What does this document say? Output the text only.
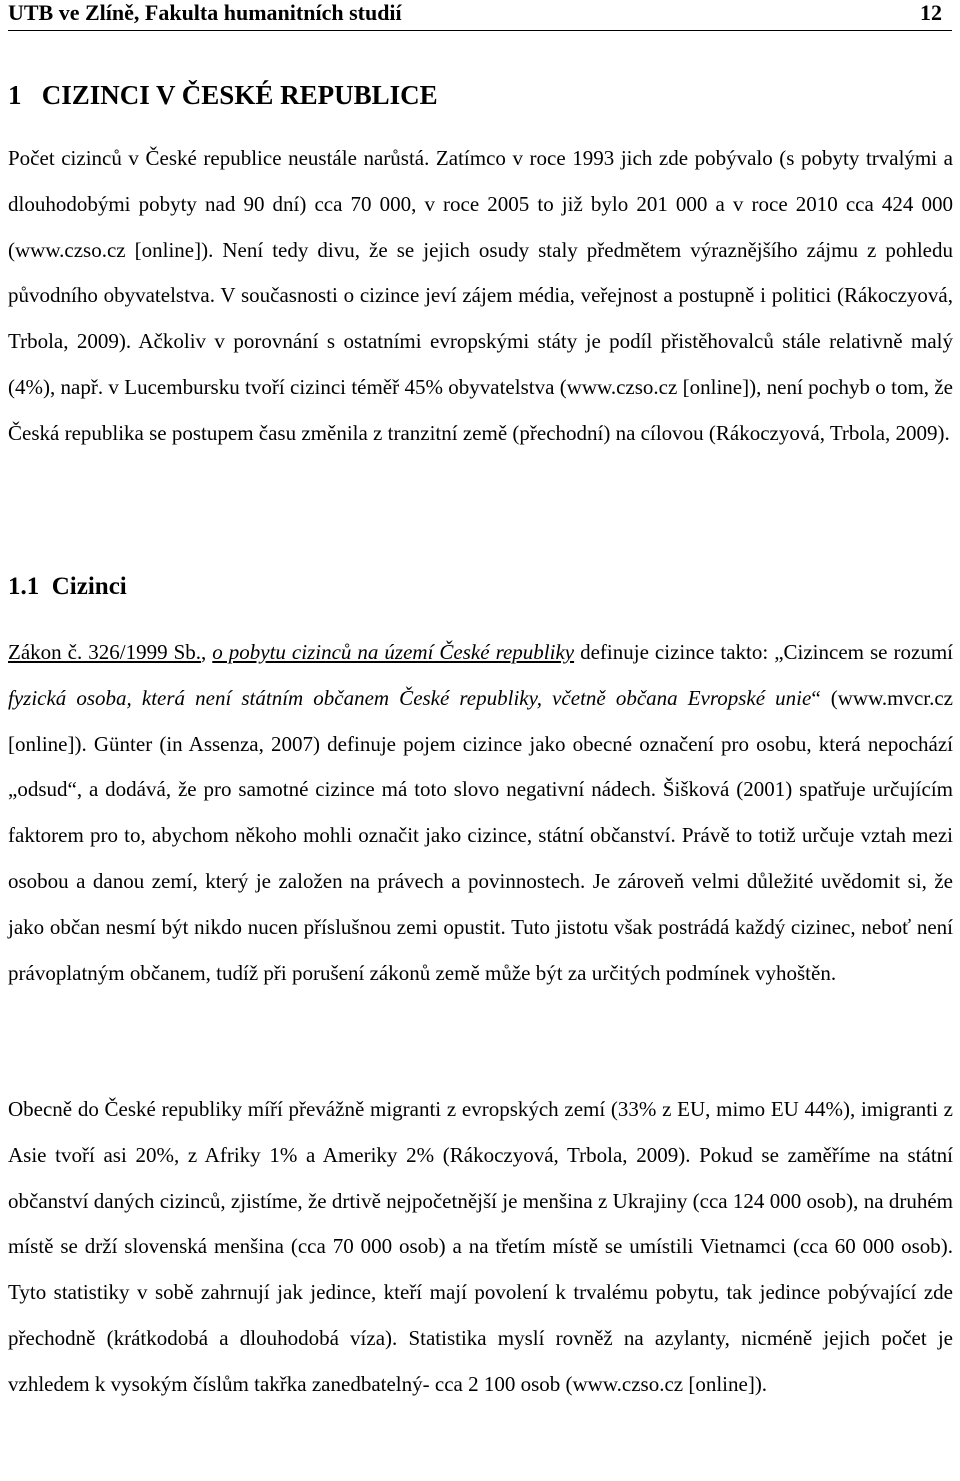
UTB ve Zlíně, Fakulta humanitních studií	12
1 CIZINCI V ČESKÉ REPUBLICE

Počet cizinců v České republice neustále narůstá. Zatímco v roce 1993 jich zde pobývalo (s pobyty trvalými a dlouhodobými pobyty nad 90 dní) cca 70 000, v roce 2005 to již bylo 201 000 a v roce 2010 cca 424 000 (www.czso.cz [online]). Není tedy divu, že se jejich osudy staly předmětem výraznějšího zájmu z pohledu původního obyvatelstva. V současnosti o cizince jeví zájem média, veřejnost a postupně i politici (Rákoczyová, Trbola, 2009). Ačkoliv v porovnání s ostatními evropskými státy je podíl přistěhovalců stále relativně malý (4%), např. v Lucembursku tvoří cizinci téměř 45% obyvatelstva (www.czso.cz [online]), není pochyb o tom, že Česká republika se postupem času změnila z tranzitní země (přechodní) na cílovou (Rákoczyová, Trbola, 2009).

1.1 Cizinci

Zákon č. 326/1999 Sb., o pobytu cizinců na území České republiky definuje cizince takto: „Cizincem se rozumí fyzická osoba, která není státním občanem České republiky, včetně občana Evropské unie“ (www.mvcr.cz [online]). Günter (in Assenza, 2007) definuje pojem cizince jako obecné označení pro osobu, která nepochází „odsud“, a dodává, že pro samotné cizince má toto slovo negativní nádech. Šišková (2001) spatřuje určujícím faktorem pro to, abychom někoho mohli označit jako cizince, státní občanství. Právě to totiž určuje vztah mezi osobou a danou zemí, který je založen na právech a povinnostech. Je zároveň velmi důležité uvědomit si, že jako občan nesmí být nikdo nucen příslušnou zemi opustit. Tuto jistotu však postrádá každý cizinec, neboť není právoplatným občanem, tudíž při porušení zákonů země může být za určitých podmínek vyhoštěn.

Obecně do České republiky míří převážně migranti z evropských zemí (33% z EU, mimo EU 44%), imigranti z Asie tvoří asi 20%, z Afriky 1% a Ameriky 2% (Rákoczyová, Trbola, 2009). Pokud se zaměříme na státní občanství daných cizinců, zjistíme, že drtivě nejpočetnější je menšina z Ukrajiny (cca 124 000 osob), na druhém místě se drží slovenská menšina (cca 70 000 osob) a na třetím místě se umístili Vietnamci (cca 60 000 osob). Tyto statistiky v sobě zahrnují jak jedince, kteří mají povolení k trvalému pobytu, tak jedince pobývající zde přechodně (krátkodobá a dlouhodobá víza). Statistika myslí rovněž na azylanty, nicméně jejich počet je vzhledem k vysokým číslům takřka zanedbatelný- cca 2 100 osob (www.czso.cz [online]).
